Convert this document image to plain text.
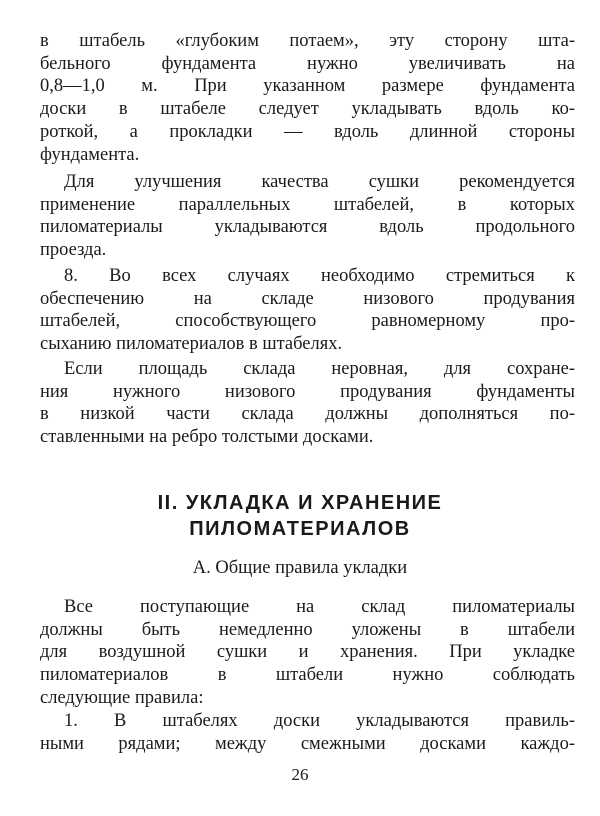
в штабель «глубоким потаем», эту сторону шта-
бельного фундамента нужно увеличивать на
0,8—1,0 м. При указанном размере фундамента
доски в штабеле следует укладывать вдоль ко-
роткой, а прокладки — вдоль длинной стороны
фундамента.
Для улучшения качества сушки рекомендуется
применение параллельных штабелей, в которых
пиломатериалы укладываются вдоль продольного
проезда.
8. Во всех случаях необходимо стремиться к
обеспечению на складе низового продувания
штабелей, способствующего равномерному про-
сыханию пиломатериалов в штабелях.
Если площадь склада неровная, для сохране-
ния нужного низового продувания фундаменты
в низкой части склада должны дополняться по-
ставленными на ребро толстыми досками.
II. УКЛАДКА И ХРАНЕНИЕ
ПИЛОМАТЕРИАЛОВ
А. Общие правила укладки
Все поступающие на склад пиломатериалы
должны быть немедленно уложены в штабели
для воздушной сушки и хранения. При укладке
пиломатериалов в штабели нужно соблюдать
следующие правила:
1. В штабелях доски укладываются правиль-
ными рядами; между смежными досками каждо-
26
